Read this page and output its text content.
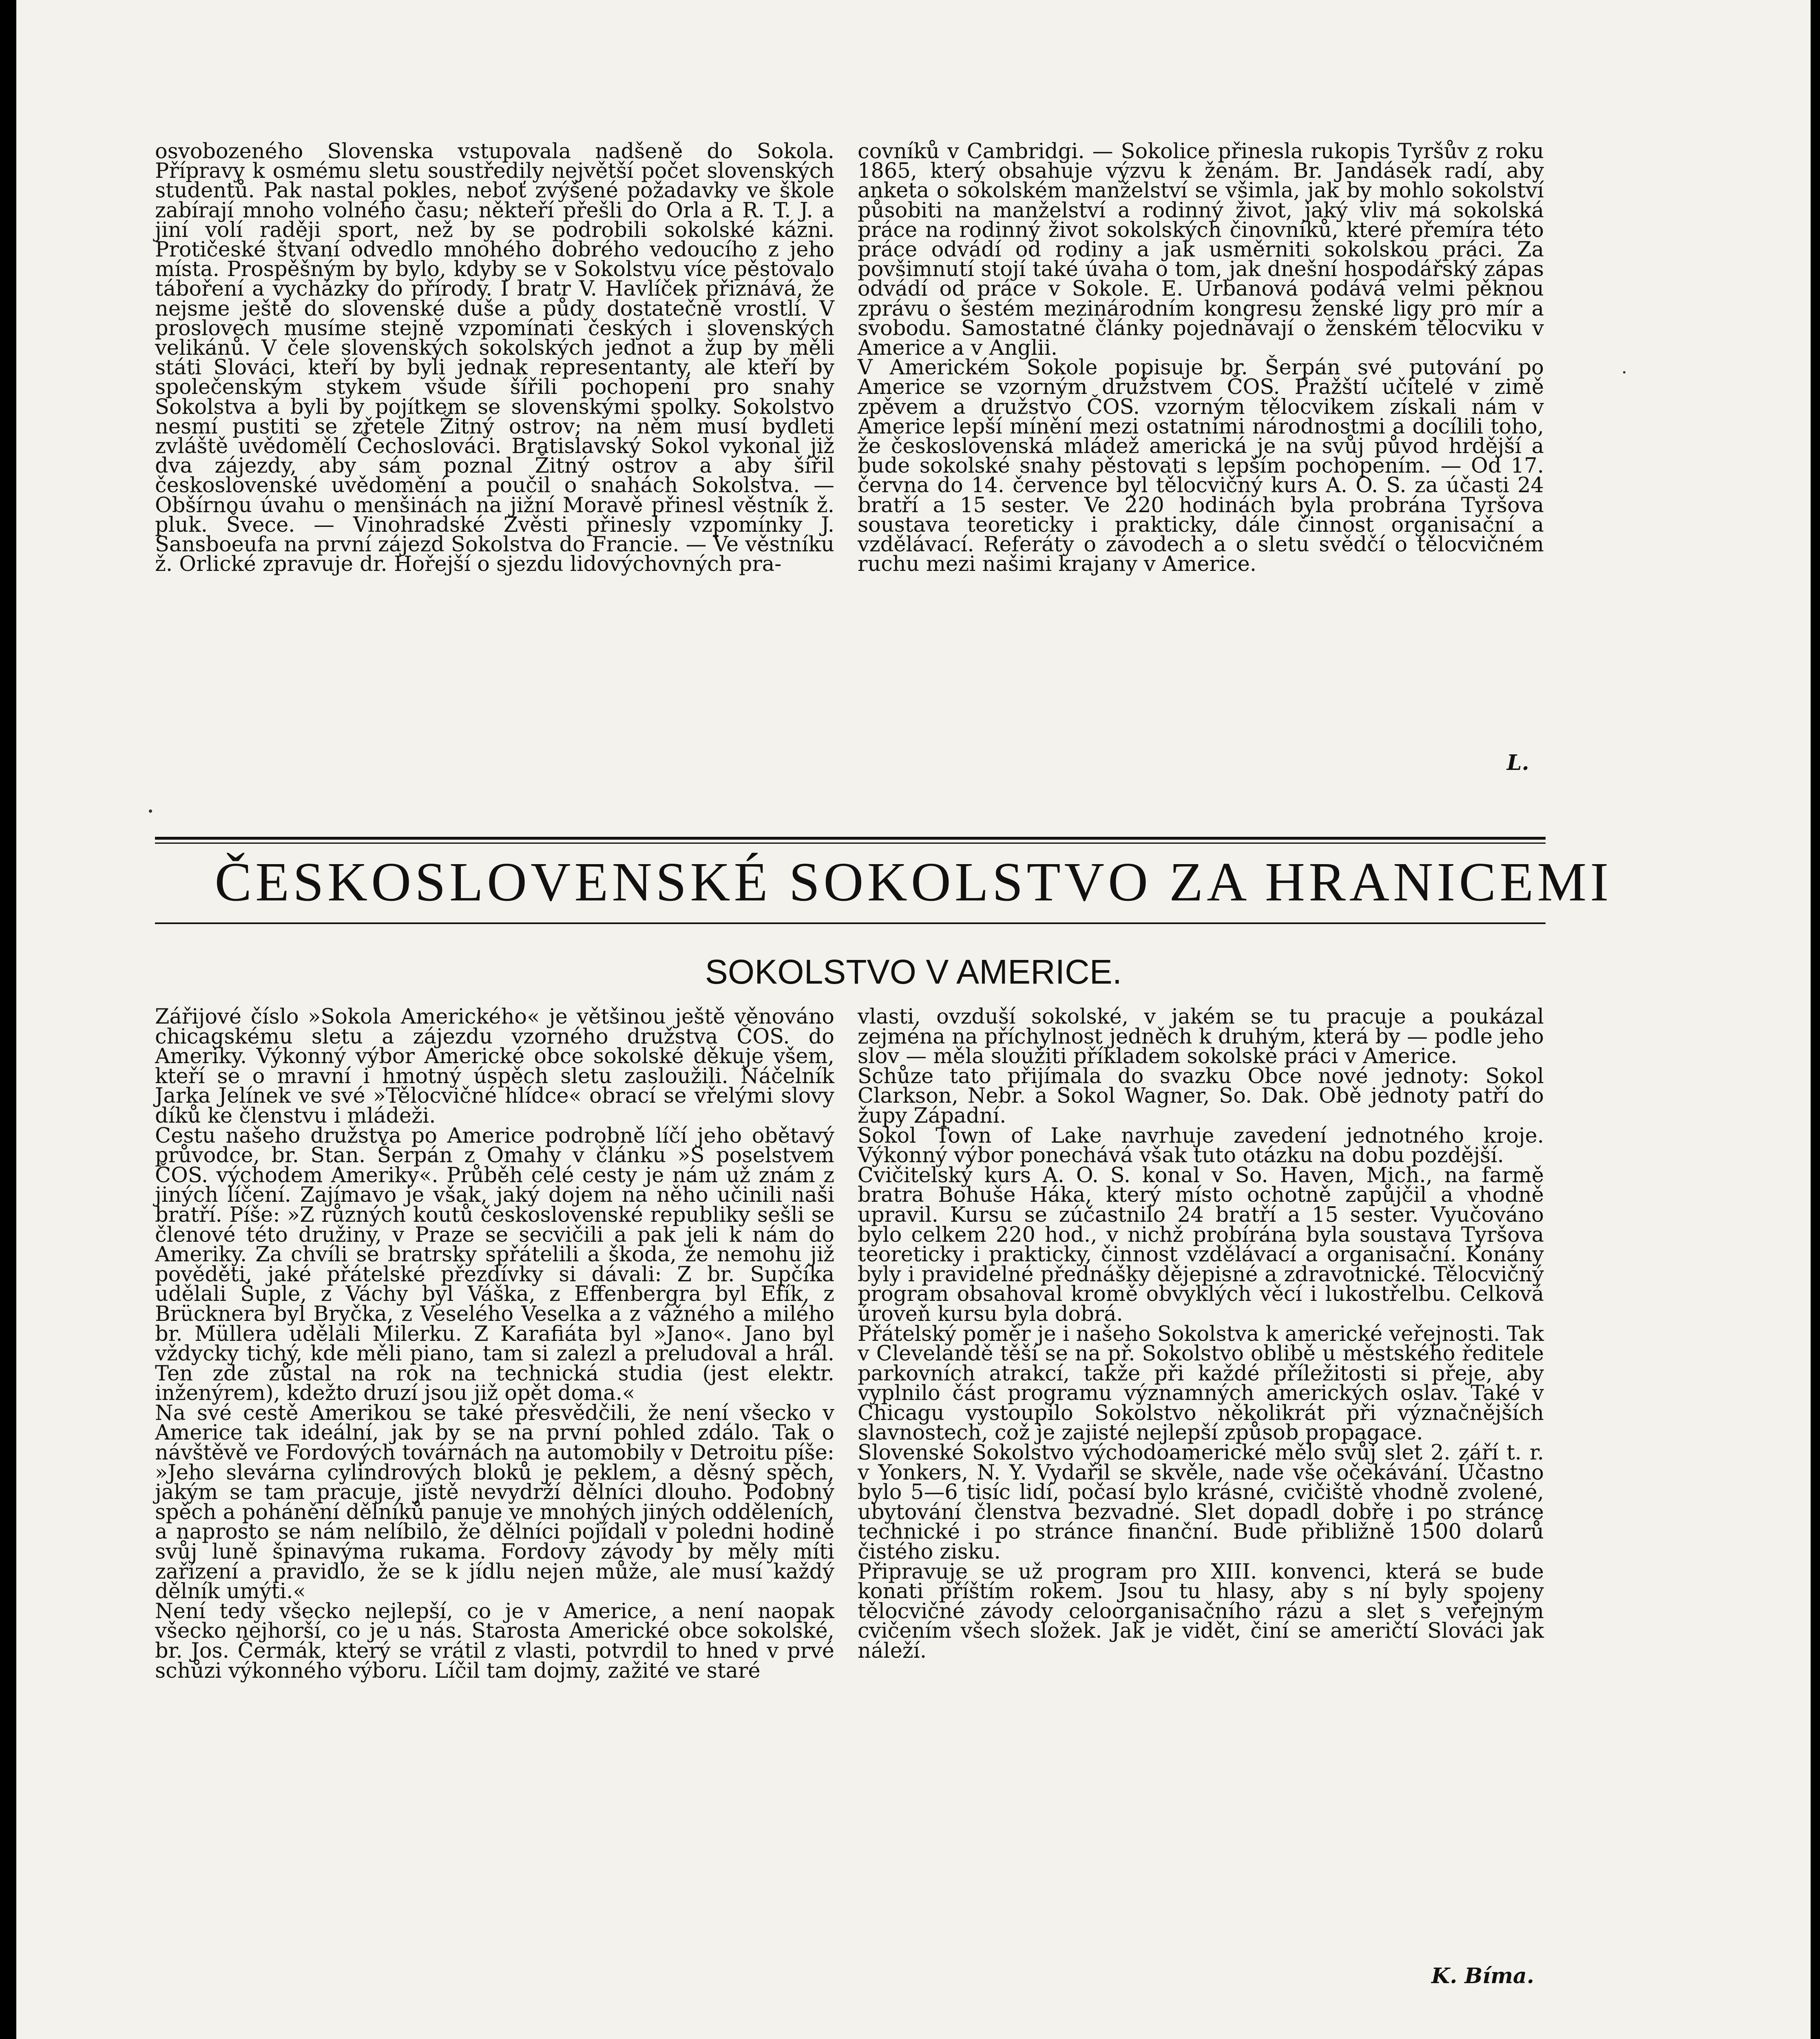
osvobozeného Slovenska vstupovala nadšeně do Sokola. Přípravy k osmému sletu soustředily největší počet slovenských studentů. Pak nastal pokles, neboť zvýšené požadavky ve škole zabírají mnoho volného času; někteří přešli do Orla a R. T. J. a jiní volí raději sport, než by se podrobili sokolské kázni. Protičeské štvaní odvedlo mnohého dobrého vedoucího z jeho místa. Prospěšným by bylo, kdyby se v Sokolstvu více pěstovalo táboření a vycházky do přírody. I bratr V. Havlíček přiznává, že nejsme ještě do slovenské duše a půdy dostatečně vrostlí. V proslovech musíme stejně vzpomínati českých i slovenských velikánů. V čele slovenských sokolských jednot a žup by měli státi Slováci, kteří by byli jednak representanty, ale kteří by společenským stykem všude šířili pochopení pro snahy Sokolstva a byli by pojítkem se slovenskými spolky. Sokolstvo nesmí pustiti se zřetele Žitný ostrov; na něm musí bydleti zvláště uvědomělí Čechoslováci. Bratislavský Sokol vykonal již dva zájezdy, aby sám poznal Žitný ostrov a aby šířil československé uvědomění a poučil o snahách Sokolstva. — Obšírnou úvahu o menšinách na jižní Moravě přinesl věstník ž. pluk. Švece. — Vinohradské Zvěsti přinesly vzpomínky J. Sansboeufa na první zájezd Sokolstva do Francie. — Ve věstníku ž. Orlické zpravuje dr. Hořejší o sjezdu lidovýchovných pra-

covníků v Cambridgi. — Sokolice přinesla rukopis Tyršův z roku 1865, který obsahuje výzvu k ženám. Br. Jandásek radí, aby anketa o sokolském manželství se všimla, jak by mohlo sokolství působiti na manželství a rodinný život, jaký vliv má sokolská práce na rodinný život sokolských činovníků, které přemíra této práce odvádí od rodiny a jak usměrniti sokolskou práci. Za povšimnutí stojí také úvaha o tom, jak dnešní hospodářský zápas odvádí od práce v Sokole. E. Urbanová podává velmi pěknou zprávu o šestém mezinárodním kongresu ženské ligy pro mír a svobodu. Samostatné články pojednávají o ženském tělocviku v Americe a v Anglii.
V Americkém Sokole popisuje br. Šerpán své putování po Americe se vzorným družstvem ČOS. Pražští učitelé v zimě zpěvem a družstvo ČOS. vzorným tělocvikem získali nám v Americe lepší mínění mezi ostatními národnostmi a docílili toho, že československá mládež americká je na svůj původ hrdější a bude sokolské snahy pěstovati s lepším pochopením. — Od 17. června do 14. července byl tělocvičný kurs A. O. S. za účasti 24 bratří a 15 sester. Ve 220 hodinách byla probrána Tyršova soustava teoreticky i prakticky, dále činnost organisační a vzdělávací. Referáty o závodech a o sletu svědčí o tělocvičném ruchu mezi našimi krajany v Americe.

L.
ČESKOSLOVENSKÉ SOKOLSTVO ZA HRANICEMI
SOKOLSTVO V AMERICE.

Zářijové číslo »Sokola Amerického« je většinou ještě věnováno chicagskému sletu a zájezdu vzorného družstva ČOS. do Ameriky. Výkonný výbor Americké obce sokolské děkuje všem, kteří se o mravní i hmotný úspěch sletu zasloužili. Náčelník Jarka Jelínek ve své »Tělocvičné hlídce« obrací se vřelými slovy díků ke členstvu i mládeži.
Cestu našeho družstva po Americe podrobně líčí jeho obětavý průvodce, br. Stan. Šerpán z Omahy v článku »S poselstvem ČOS. východem Ameriky«. Průběh celé cesty je nám už znám z jiných líčení. Zajímavo je však, jaký dojem na něho učinili naši bratří. Píše: »Z různých koutů československé republiky sešli se členové této družiny, v Praze se secvičili a pak jeli k nám do Ameriky. Za chvíli se bratrsky spřátelili a škoda, že nemohu již pověděti, jaké přátelské přezdívky si dávali: Z br. Supčíka udělali Šuple, z Váchy byl Váška, z Effenbergra byl Efík, z Brücknera byl Bryčka, z Veselého Veselka a z vážného a milého br. Müllera udělali Milerku. Z Karafiáta byl »Jano«. Jano byl vždycky tichý, kde měli piano, tam si zalezl a preludoval a hrál. Ten zde zůstal na rok na technická studia (jest elektr. inženýrem), kdežto druzí jsou již opět doma.«
Na své cestě Amerikou se také přesvědčili, že není všecko v Americe tak ideální, jak by se na první pohled zdálo. Tak o návštěvě ve Fordových továrnách na automobily v Detroitu píše: »Jeho slevárna cylindrových bloků je peklem, a děsný spěch, jakým se tam pracuje, jistě nevydrží dělníci dlouho. Podobný spěch a pohánění dělníků panuje ve mnohých jiných odděleních, a naprosto se nám nelíbilo, že dělníci pojídali v poledni hodině svůj luně špinavýma rukama. Fordovy závody by měly míti zařízení a pravidlo, že se k jídlu nejen může, ale musí každý dělník umýti.«
Není tedy všecko nejlepší, co je v Americe, a není naopak všecko nejhorší, co je u nás. Starosta Americké obce sokolské, br. Jos. Čermák, který se vrátil z vlasti, potvrdil to hned v prvé schůzi výkonného výboru. Líčil tam dojmy, zažité ve staré

vlasti, ovzduší sokolské, v jakém se tu pracuje a poukázal zejména na příchylnost jedněch k druhým, která by — podle jeho slov — měla sloužiti příkladem sokolské práci v Americe.
Schůze tato přijímala do svazku Obce nové jednoty: Sokol Clarkson, Nebr. a Sokol Wagner, So. Dak. Obě jednoty patří do župy Západní.
Sokol Town of Lake navrhuje zavedení jednotného kroje. Výkonný výbor ponechává však tuto otázku na dobu pozdější.
Cvičitelský kurs A. O. S. konal v So. Haven, Mich., na farmě bratra Bohuše Háka, který místo ochotně zapůjčil a vhodně upravil. Kursu se zúčastnilo 24 bratří a 15 sester. Vyučováno bylo celkem 220 hod., v nichž probírána byla soustava Tyršova teoreticky i prakticky, činnost vzdělávací a organisační. Konány byly i pravidelné přednášky dějepisné a zdravotnické. Tělocvičný program obsahoval kromě obvyklých věcí i lukostřelbu. Celková úroveň kursu byla dobrá.
Přátelský poměr je i našeho Sokolstva k americké veřejnosti. Tak v Clevelandě těší se na př. Sokolstvo oblibě u městského ředitele parkovních atrakcí, takže při každé příležitosti si přeje, aby vyplnilo část programu významných amerických oslav. Také v Chicagu vystoupilo Sokolstvo několikrát při význačnějších slavnostech, což je zajisté nejlepší způsob propagace.
Slovenské Sokolstvo východoamerické mělo svůj slet 2. září t. r. v Yonkers, N. Y. Vydařil se skvěle, nade vše očekávání. Účastno bylo 5—6 tisíc lidí, počasí bylo krásné, cvičiště vhodně zvolené, ubytování členstva bezvadné. Slet dopadl dobře i po stránce technické i po stránce finanční. Bude přibližně 1500 dolarů čistého zisku.
Připravuje se už program pro XIII. konvenci, která se bude konati příštím rokem. Jsou tu hlasy, aby s ní byly spojeny tělocvičné závody celoorganisačního rázu a slet s veřejným cvičením všech složek. Jak je vidět, činí se američtí Slováci jak náleží.

K. Bíma.
